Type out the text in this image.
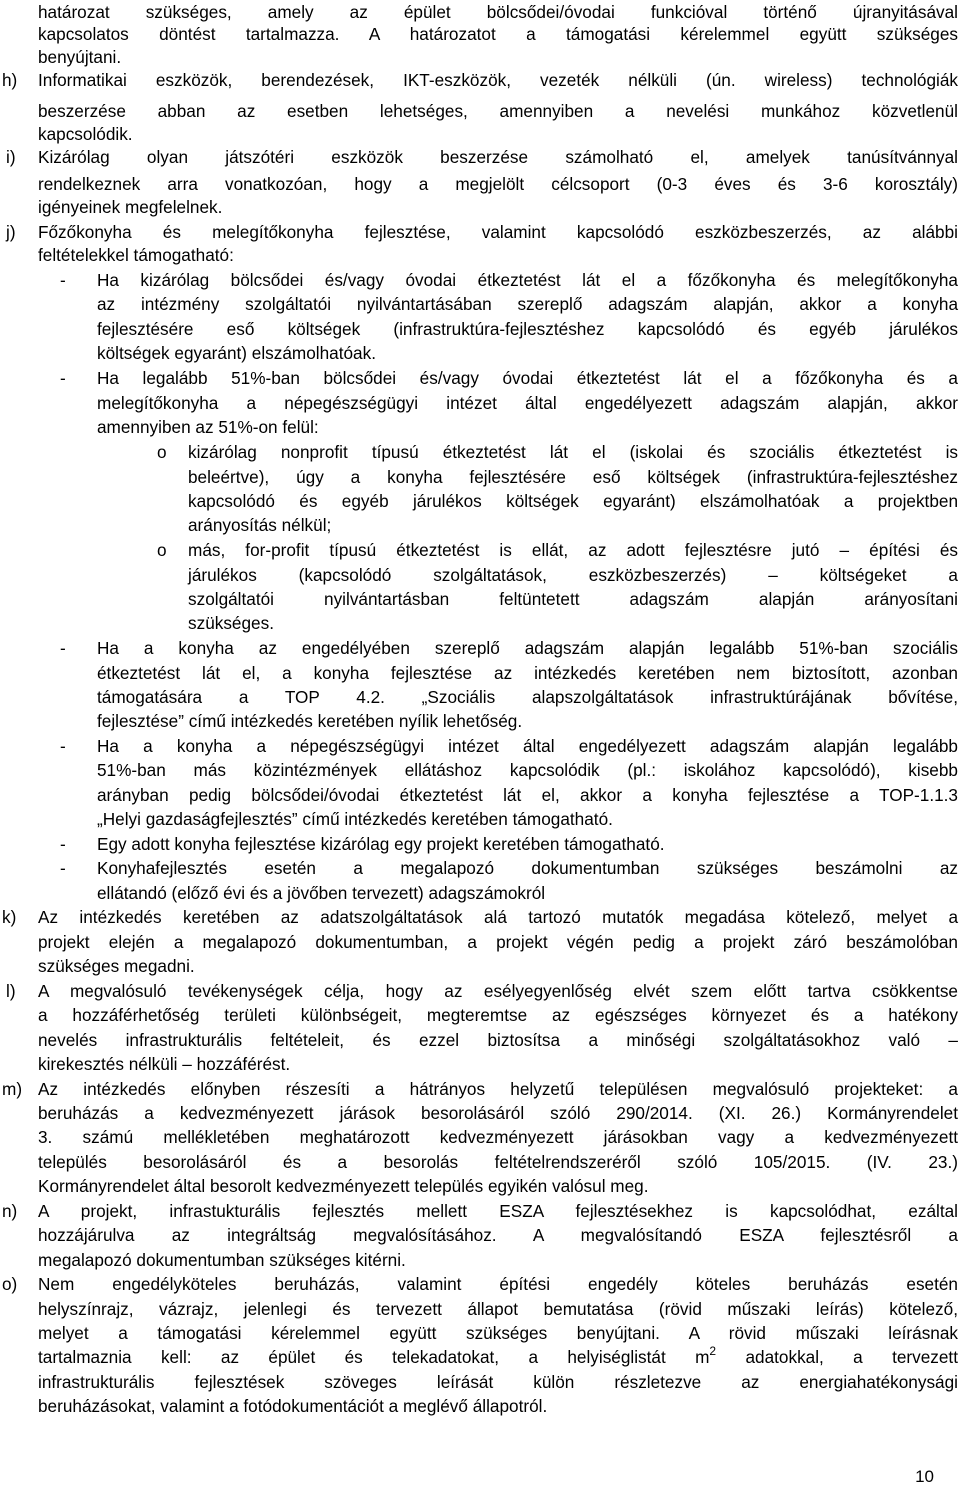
határozat szükséges, amely az épület bölcsődei/óvodai funkcióval történő újranyitásával
kapcsolatos döntést tartalmazza. A határozatot a támogatási kérelemmel együtt szükséges
benyújtani.
h) Informatikai eszközök, berendezések, IKT-eszközök, vezeték nélküli (ún. wireless) technológiák
beszerzése abban az esetben lehetséges, amennyiben a nevelési munkához közvetlenül
kapcsolódik.
i) Kizárólag olyan játszótéri eszközök beszerzése számolható el, amelyek tanúsítvánnyal
rendelkeznek arra vonatkozóan, hogy a megjelölt célcsoport (0-3 éves és 3-6 korosztály)
igényeinek megfelelnek.
j) Főzőkonyha és melegítőkonyha fejlesztése, valamint kapcsolódó eszközbeszerzés, az alábbi
feltételekkel támogatható:
- Ha kizárólag bölcsődei és/vagy óvodai étkeztetést lát el a főzőkonyha és melegítőkonyha
az intézmény szolgáltatói nyilvántartásában szereplő adagszám alapján, akkor a konyha
fejlesztésére eső költségek (infrastruktúra-fejlesztéshez kapcsolódó és egyéb járulékos
költségek egyaránt) elszámolhatóak.
- Ha legalább 51%-ban bölcsődei és/vagy óvodai étkeztetést lát el a főzőkonyha és a
melegítőkonyha a népegészségügyi intézet által engedélyezett adagszám alapján, akkor
amennyiben az 51%-on felül:
o kizárólag nonprofit típusú étkeztetést lát el (iskolai és szociális étkeztetést is
beleértve), úgy a konyha fejlesztésére eső költségek (infrastruktúra-fejlesztéshez
kapcsolódó és egyéb járulékos költségek egyaránt) elszámolhatóak a projektben
arányosítás nélkül;
o más, for-profit típusú étkeztetést is ellát, az adott fejlesztésre jutó – építési és
járulékos (kapcsolódó szolgáltatások, eszközbeszerzés) – költségeket a
szolgáltatói nyilvántartásban feltüntetett adagszám alapján arányosítani
szükséges.
- Ha a konyha az engedélyében szereplő adagszám alapján legalább 51%-ban szociális
étkeztetést lát el, a konyha fejlesztése az intézkedés keretében nem biztosított, azonban
támogatására a TOP 4.2. „Szociális alapszolgáltatások infrastruktúrájának bővítése,
fejlesztése” című intézkedés keretében nyílik lehetőség.
- Ha a konyha a népegészségügyi intézet által engedélyezett adagszám alapján legalább
51%-ban más közintézmények ellátáshoz kapcsolódik (pl.: iskolához kapcsolódó), kisebb
arányban pedig bölcsődei/óvodai étkeztetést lát el, akkor a konyha fejlesztése a TOP-1.1.3
„Helyi gazdaságfejlesztés” című intézkedés keretében támogatható.
- Egy adott konyha fejlesztése kizárólag egy projekt keretében támogatható.
- Konyhafejlesztés esetén a megalapozó dokumentumban szükséges beszámolni az
ellátandó (előző évi és a jövőben tervezett) adagszámokról
k) Az intézkedés keretében az adatszolgáltatások alá tartozó mutatók megadása kötelező, melyet a
projekt elején a megalapozó dokumentumban, a projekt végén pedig a projekt záró beszámolóban
szükséges megadni.
l) A megvalósuló tevékenységek célja, hogy az esélyegyenlőség elvét szem előtt tartva csökkentse
a hozzáférhetőség területi különbségeit, megteremtse az egészséges környezet és a hatékony
nevelés infrastrukturális feltételeit, és ezzel biztosítsa a minőségi szolgáltatásokhoz való –
kirekesztés nélküli – hozzáférést.
m) Az intézkedés előnyben részesíti a hátrányos helyzetű településen megvalósuló projekteket: a
beruházás a kedvezményezett járások besorolásáról szóló 290/2014. (XI. 26.) Kormányrendelet
3. számú mellékletében meghatározott kedvezményezett járásokban vagy a kedvezményezett
település besorolásáról és a besorolás feltételrendszeréről szóló 105/2015. (IV. 23.)
Kormányrendelet által besorolt kedvezményezett település egyikén valósul meg.
n) A projekt, infrastukturális fejlesztés mellett ESZA fejlesztésekhez is kapcsolódhat, ezáltal
hozzájárulva az integráltság megvalósításához. A megvalósítandó ESZA fejlesztésről a
megalapozó dokumentumban szükséges kitérni.
o) Nem engedélyköteles beruházás, valamint építési engedély köteles beruházás esetén
helyszínrajz, vázrajz, jelenlegi és tervezett állapot bemutatása (rövid műszaki leírás) kötelező,
melyet a támogatási kérelemmel együtt szükséges benyújtani. A rövid műszaki leírásnak
infrastrukturális fejlesztések szöveges leírását külön részletezve az energiahatékonysági
beruházásokat, valamint a fotódokumentációt a meglévő állapotról.
tartalmaznia kell: az épület és telekadatokat, a helyiséglistát $m^2$ adatokkal, a tervezett
10
